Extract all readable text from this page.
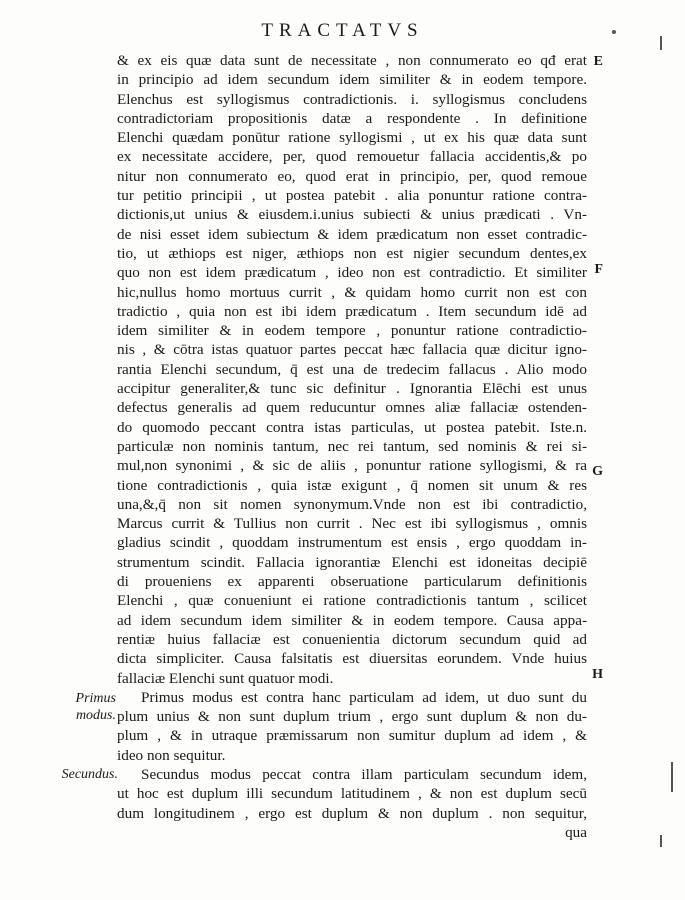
TRACTATVS
E
F
G
H
Primus modus.
Secundus.
& ex eis quæ data sunt de necessitate , non connumerato eo qđ erat
in principio ad idem secundum idem similiter & in eodem tempore.
Elenchus est syllogismus contradictionis. i. syllogismus concludens
contradictoriam propositionis datæ a respondente . In definitione
Elenchi quædam ponūtur ratione syllogismi , ut ex his quæ data sunt
ex necessitate accidere, per, quod remouetur fallacia accidentis,& po
nitur non connumerato eo, quod erat in principio, per, quod remoue
tur petitio principii , ut postea patebit . alia ponuntur ratione contra-
dictionis,ut unius & eiusdem.i.unius subiecti & unius prædicati . Vn-
de nisi esset idem subiectum & idem prædicatum non esset contradic-
tio, ut æthiops est niger, æthiops non est nigier secundum dentes,ex
quo non est idem prædicatum , ideo non est contradictio. Et similiter
hic,nullus homo mortuus currit , & quidam homo currit non est con
tradictio , quia non est ibi idem prædicatum . Item secundum idē ad
idem similiter & in eodem tempore , ponuntur ratione contradictio-
nis , & cōtra istas quatuor partes peccat hæc fallacia quæ dicitur igno-
rantia Elenchi secundum, q̄ est una de tredecim fallacus . Alio modo
accipitur generaliter,& tunc sic definitur . Ignorantia Elēchi est unus
defectus generalis ad quem reducuntur omnes aliæ fallaciæ ostenden-
do quomodo peccant contra istas particulas, ut postea patebit. Iste.n.
particulæ non nominis tantum, nec rei tantum, sed nominis & rei si-
mul,non synonimi , & sic de aliis , ponuntur ratione syllogismi, & ra
tione contradictionis , quia istæ exigunt , q̄ nomen sit unum & res
una,&,q̄ non sit nomen synonymum.Vnde non est ibi contradictio,
Marcus currit & Tullius non currit . Nec est ibi syllogismus , omnis
gladius scindit , quoddam instrumentum est ensis , ergo quoddam in-
strumentum scindit. Fallacia ignorantiæ Elenchi est idoneitas decipiē
di proueniens ex apparenti obseruatione particularum definitionis
Elenchi , quæ conueniunt ei ratione contradictionis tantum , scilicet
ad idem secundum idem similiter & in eodem tempore. Causa appa-
rentiæ huius fallaciæ est conuenientia dictorum secundum quid ad
dicta simpliciter. Causa falsitatis est diuersitas eorundem. Vnde huius
fallaciæ Elenchi sunt quatuor modi.
Primus modus est contra hanc particulam ad idem, ut duo sunt du
plum unius & non sunt duplum trium , ergo sunt duplum & non du-
plum , & in utraque præmissarum non sumitur duplum ad idem , &
ideo non sequitur.
Secundus modus peccat contra illam particulam secundum idem,
ut hoc est duplum illi secundum latitudinem , & non est duplum secū
dum longitudinem , ergo est duplum & non duplum . non sequitur,
qua
